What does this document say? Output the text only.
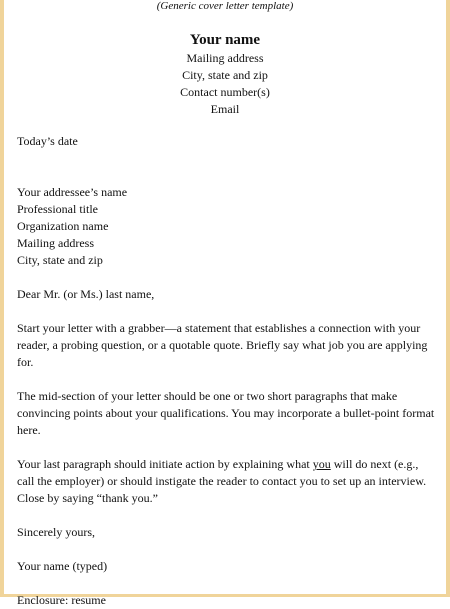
(Generic cover letter template)
Your name
Mailing address
City, state and zip
Contact number(s)
Email

Today’s date

Your addressee’s name

Professional title

Organization name

Mailing address

City, state and zip

Dear Mr. (or Ms.) last name,

Start your letter with a grabber—a statement that establishes a connection with your reader, a probing question, or a quotable quote. Briefly say what job you are applying for.

The mid-section of your letter should be one or two short paragraphs that make convincing points about your qualifications. You may incorporate a bullet-point format here.

Your last paragraph should initiate action by explaining what you will do next (e.g., call the employer) or should instigate the reader to contact you to set up an interview. Close by saying “thank you.”

Sincerely yours,

Your name (typed)

Enclosure: resume
